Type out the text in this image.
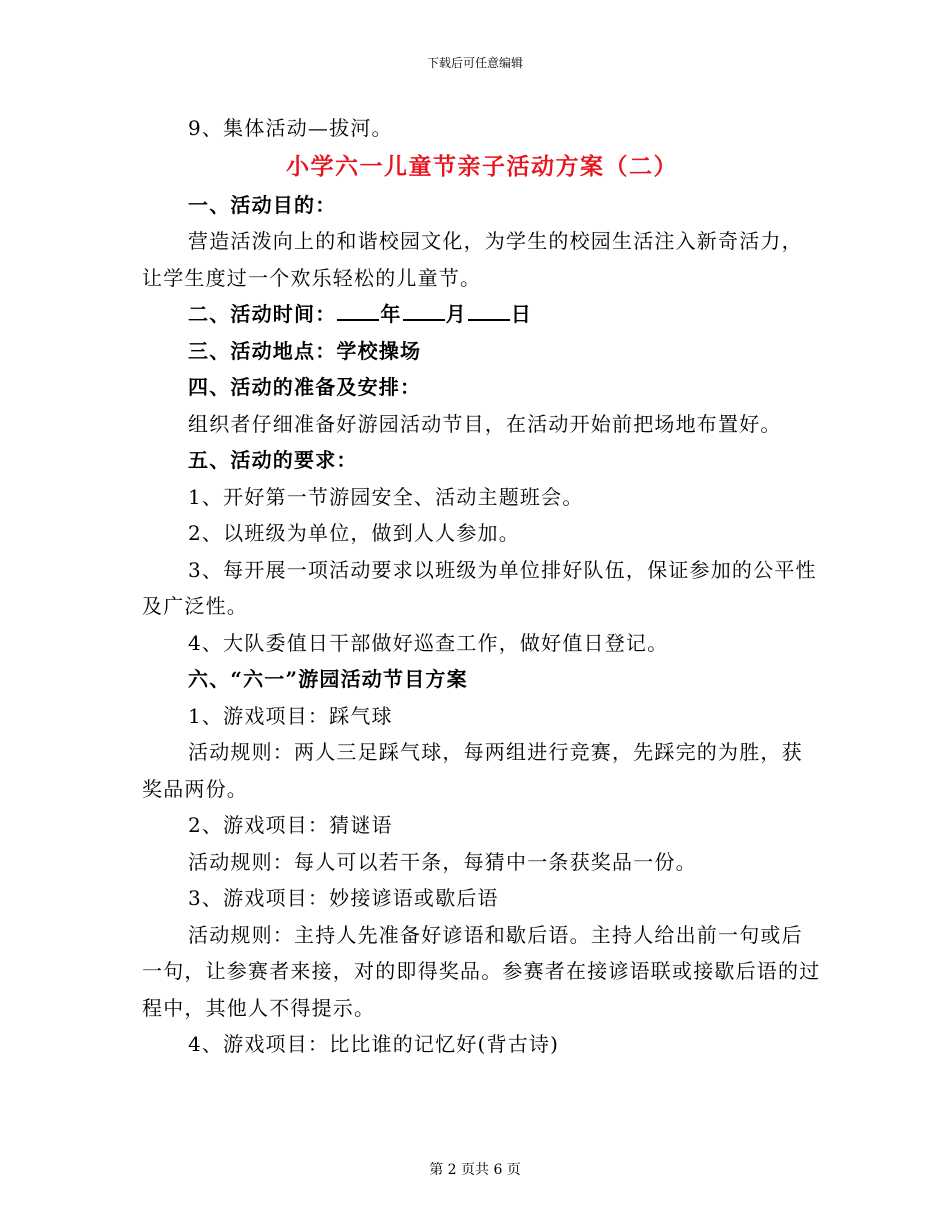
下载后可任意编辑

9、集体活动—拔河。

小学六一儿童节亲子活动方案（二）

一、活动目的：

营造活泼向上的和谐校园文化，为学生的校园生活注入新奇活力，让学生度过一个欢乐轻松的儿童节。

二、活动时间： 年 月 日

三、活动地点：学校操场

四、活动的准备及安排：

组织者仔细准备好游园活动节目，在活动开始前把场地布置好。

五、活动的要求：

1、开好第一节游园安全、活动主题班会。

2、以班级为单位，做到人人参加。

3、每开展一项活动要求以班级为单位排好队伍，保证参加的公平性及广泛性。

4、大队委值日干部做好巡查工作，做好值日登记。

六、“六一”游园活动节目方案

1、游戏项目：踩气球

活动规则：两人三足踩气球，每两组进行竞赛，先踩完的为胜，获奖品两份。

2、游戏项目：猜谜语

活动规则：每人可以若干条，每猜中一条获奖品一份。

3、游戏项目：妙接谚语或歇后语

活动规则：主持人先准备好谚语和歇后语。主持人给出前一句或后一句，让参赛者来接，对的即得奖品。参赛者在接谚语联或接歇后语的过程中，其他人不得提示。

4、游戏项目：比比谁的记忆好(背古诗)

第 2 页共 6 页
